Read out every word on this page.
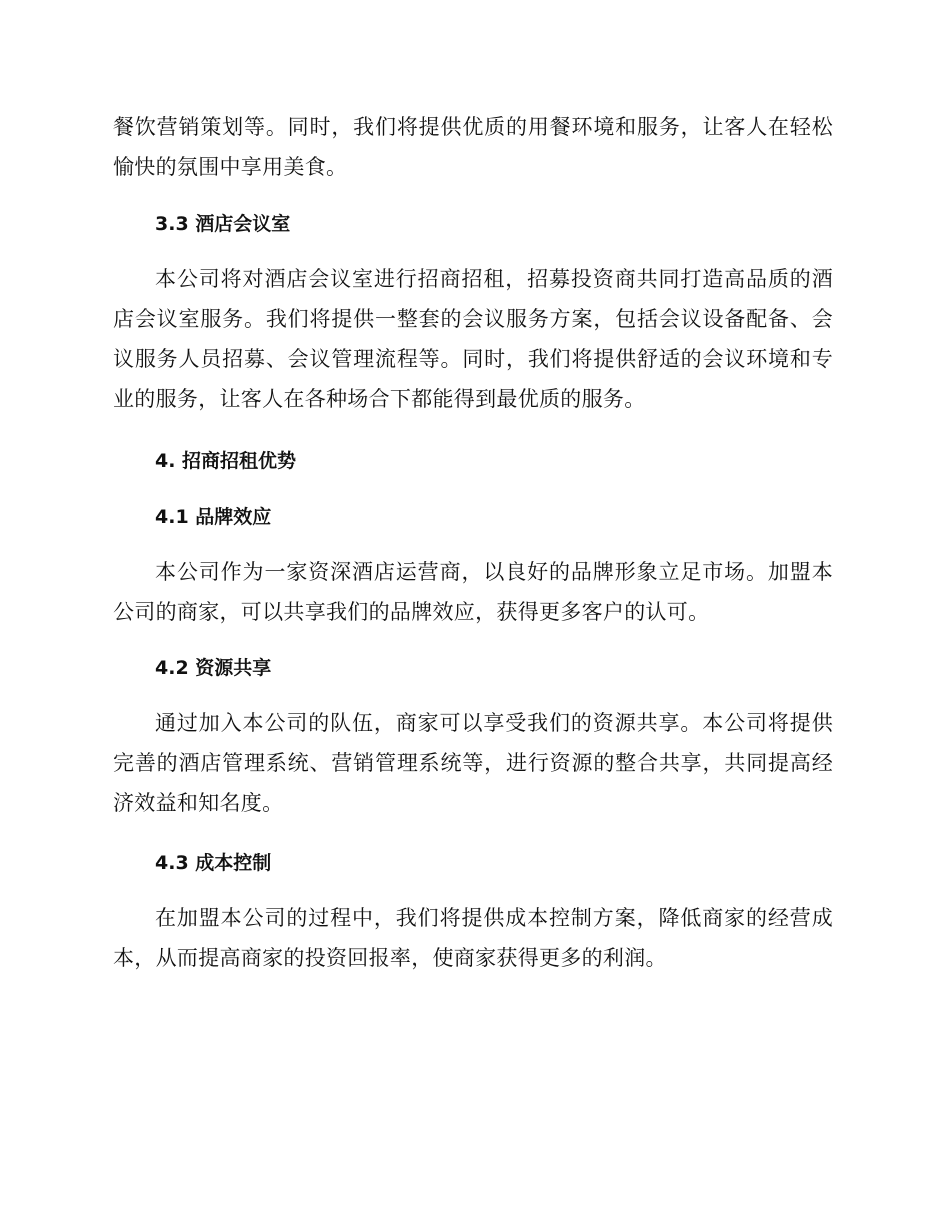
餐饮营销策划等。同时，我们将提供优质的用餐环境和服务，让客人在轻松愉快的氛围中享用美食。

3.3 酒店会议室

本公司将对酒店会议室进行招商招租，招募投资商共同打造高品质的酒店会议室服务。我们将提供一整套的会议服务方案，包括会议设备配备、会议服务人员招募、会议管理流程等。同时，我们将提供舒适的会议环境和专业的服务，让客人在各种场合下都能得到最优质的服务。

4. 招商招租优势
4.1 品牌效应

本公司作为一家资深酒店运营商，以良好的品牌形象立足市场。加盟本公司的商家，可以共享我们的品牌效应，获得更多客户的认可。

4.2 资源共享

通过加入本公司的队伍，商家可以享受我们的资源共享。本公司将提供完善的酒店管理系统、营销管理系统等，进行资源的整合共享，共同提高经济效益和知名度。

4.3 成本控制

在加盟本公司的过程中，我们将提供成本控制方案，降低商家的经营成本，从而提高商家的投资回报率，使商家获得更多的利润。
